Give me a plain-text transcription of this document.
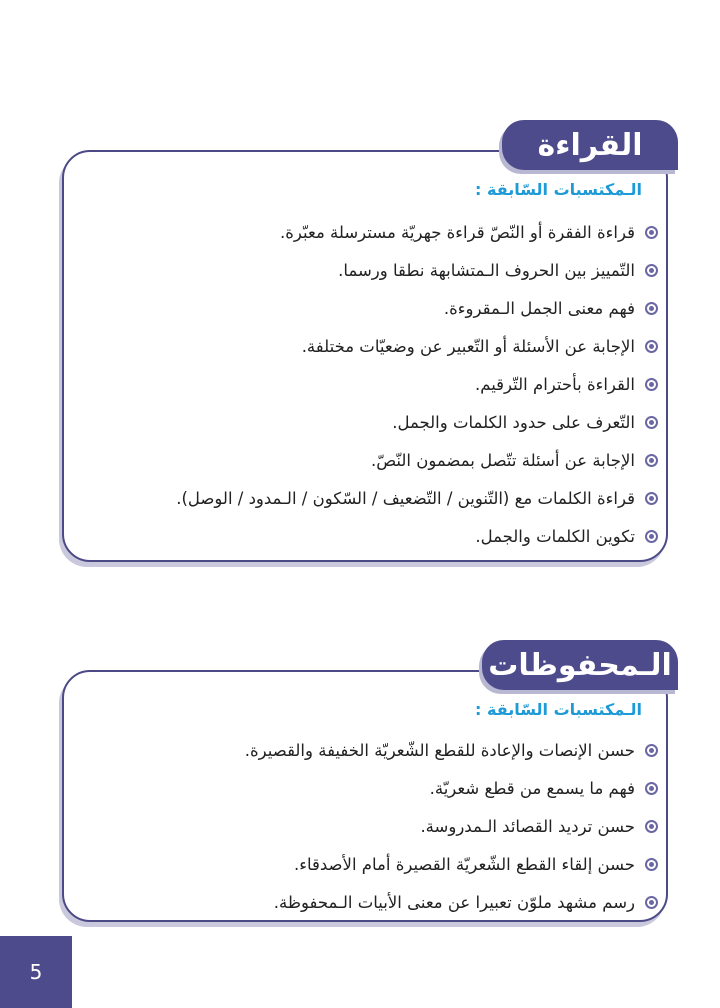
القراءة
الـمكتسبات السّابقة :
قراءة الفقرة أو النّصّ قراءة جهريّة مسترسلة معبّرة.
التّمييز بين الحروف الـمتشابهة نطقا ورسما.
فهم معنى الجمل الـمقروءة.
الإجابة عن الأسئلة أو التّعبير عن وضعيّات مختلفة.
القراءة بأحترام التّرقيم.
التّعرف على حدود الكلمات والجمل.
الإجابة عن أسئلة تتّصل بمضمون النّصّ.
قراءة الكلمات مع (التّنوين / التّضعيف / السّكون / الـمدود / الوصل).
تكوين الكلمات والجمل.
الـمحفوظات
الـمكتسبات السّابقة :
حسن الإنصات والإعادة للقطع الشّعريّة الخفيفة والقصيرة.
فهم ما يسمع من قطع شعريّة.
حسن ترديد القصائد الـمدروسة.
حسن إلقاء القطع الشّعريّة القصيرة أمام الأصدقاء.
رسم مشهد ملوّن تعبيرا عن معنى الأبيات الـمحفوظة.
5
